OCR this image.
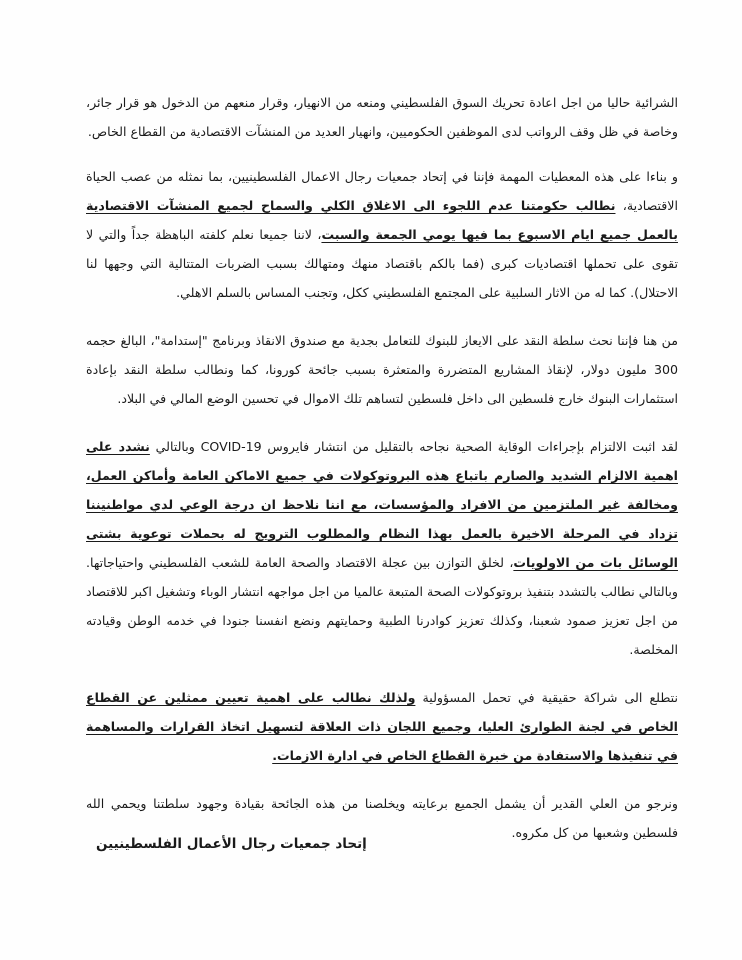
الشرائية حاليا من اجل اعادة تحريك السوق الفلسطيني ومنعه من الانهيار، وقرار منعهم من الدخول هو قرار جائر، وخاصة في ظل وقف الرواتب لدى الموظفين الحكوميين، وانهيار العديد من المنشآت الاقتصادية من القطاع الخاص.

و بناءا على هذه المعطيات المهمة فإننا في إتحاد جمعيات رجال الاعمال الفلسطينيين، بما نمثله من عصب الحياة الاقتصادية، نطالب حكومتنا عدم اللجوء الى الاغلاق الكلي والسماح لجميع المنشآت الاقتصادية بالعمل جميع ايام الاسبوع بما فيها يومي الجمعة والسبت، لاننا جميعا نعلم كلفته الباهظة جداً والتي لا تقوى على تحملها اقتصاديات كبرى (فما بالكم باقتصاد منهك ومتهالك بسبب الضربات المتتالية التي وجهها لنا الاحتلال). كما له من الاثار السلبية على المجتمع الفلسطيني ككل، وتجنب المساس بالسلم الاهلي.

من هنا فإننا نحث سلطة النقد على الايعاز للبنوك للتعامل بجدية مع صندوق الانقاذ وبرنامج "إستدامة"، البالغ حجمه 300 مليون دولار، لإنقاذ المشاريع المتضررة والمتعثرة بسبب جائحة كورونا، كما ونطالب سلطة النقد بإعادة استثمارات البنوك خارج فلسطين الى داخل فلسطين لتساهم تلك الاموال في تحسين الوضع المالي في البلاد.

لقد اثبت الالتزام بإجراءات الوقاية الصحية نجاحه بالتقليل من انتشار فايروس COVID-19 وبالتالي نشدد على اهمية الالزام الشديد والصارم باتباع هذه البروتوكولات في جميع الاماكن العامة وأماكن العمل، ومخالفة غير الملتزمين من الافراد والمؤسسات، مع اننا نلاحظ ان درجة الوعي لدي مواطنيننا تزداد في المرحلة الاخيرة بالعمل بهذا النظام والمطلوب الترويج له بحملات توعوية بشتى الوسائل بات من الاولويات، لخلق التوازن بين عجلة الاقتصاد والصحة العامة للشعب الفلسطيني واحتياجاتها. وبالتالي نطالب بالتشدد بتنفيذ بروتوكولات الصحة المتبعة عالميا من اجل مواجهه انتشار الوباء وتشغيل اكبر للاقتصاد من اجل تعزيز صمود شعبنا، وكذلك تعزيز كوادرنا الطبية وحمايتهم ونضع انفسنا جنودا في خدمه الوطن وقيادته المخلصة.

نتطلع الى شراكة حقيقية في تحمل المسؤولية ولذلك نطالب على اهمية تعيين ممثلين عن القطاع الخاص في لجنة الطوارئ العليا، وجميع اللجان ذات العلاقة لتسهيل اتخاذ القرارات والمساهمة في تنفيذها والاستفادة من خبرة القطاع الخاص في ادارة الازمات.

ونرجو من العلي القدير أن يشمل الجميع برعايته ويخلصنا من هذه الجائحة بقيادة وجهود سلطتنا ويحمي الله فلسطين وشعبها من كل مكروه.

إتحاد جمعيات رجال الأعمال الفلسطينيين
